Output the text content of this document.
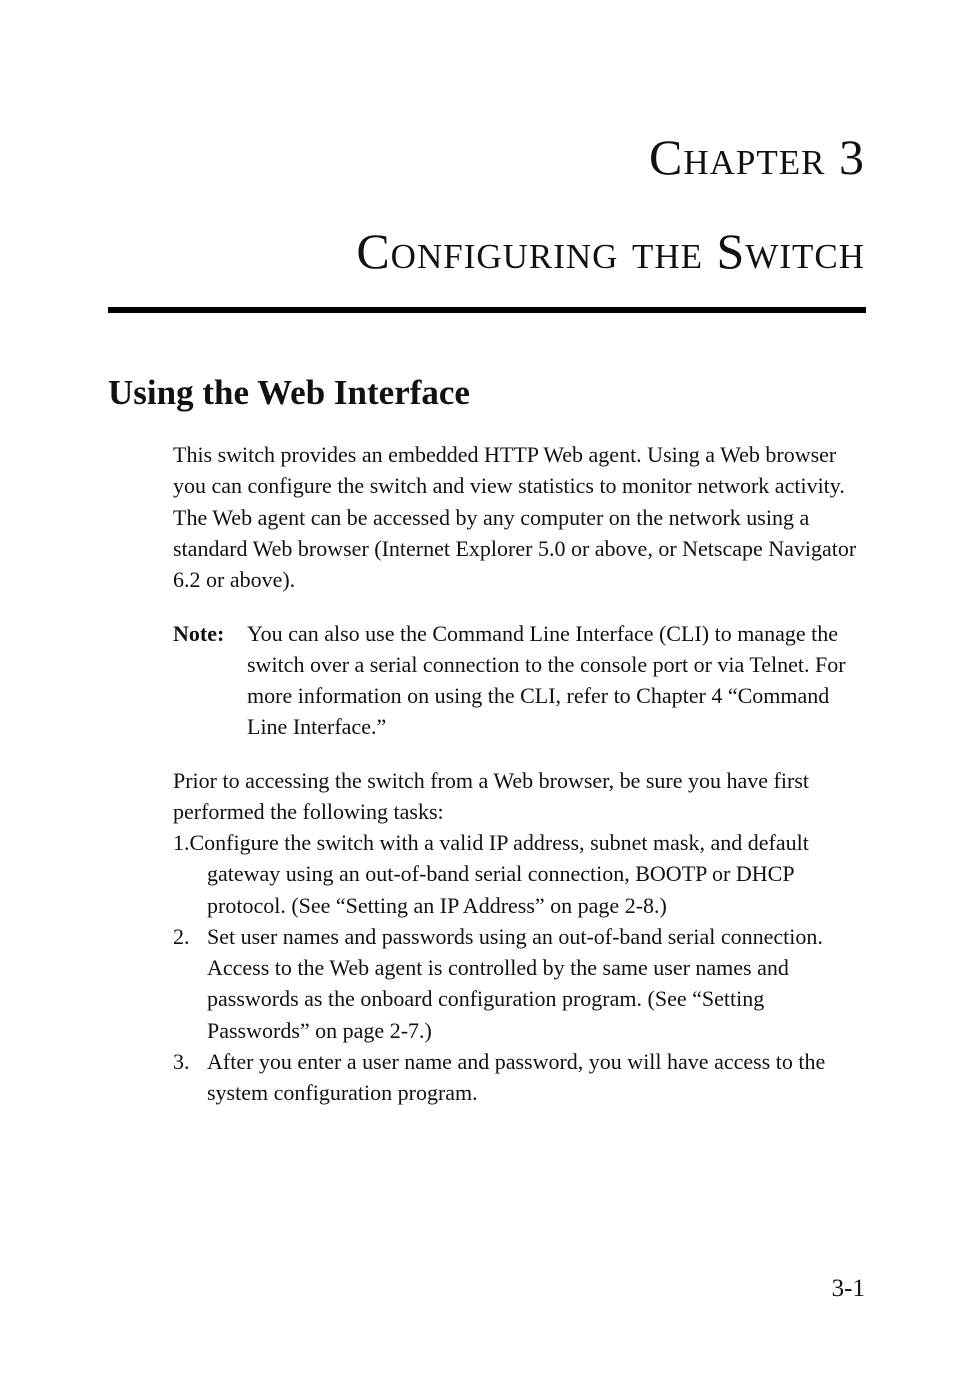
Chapter 3
Configuring the Switch
Using the Web Interface

This switch provides an embedded HTTP Web agent. Using a Web browser you can configure the switch and view statistics to monitor network activity. The Web agent can be accessed by any computer on the network using a standard Web browser (Internet Explorer 5.0 or above, or Netscape Navigator 6.2 or above).

Note: You can also use the Command Line Interface (CLI) to manage the switch over a serial connection to the console port or via Telnet. For more information on using the CLI, refer to Chapter 4 “Command Line Interface.”

Prior to accessing the switch from a Web browser, be sure you have first performed the following tasks:

1.Configure the switch with a valid IP address, subnet mask, and default gateway using an out-of-band serial connection, BOOTP or DHCP protocol. (See “Setting an IP Address” on page 2-8.)
2. Set user names and passwords using an out-of-band serial connection. Access to the Web agent is controlled by the same user names and passwords as the onboard configuration program. (See “Setting Passwords” on page 2-7.)
3. After you enter a user name and password, you will have access to the system configuration program.
3-1
